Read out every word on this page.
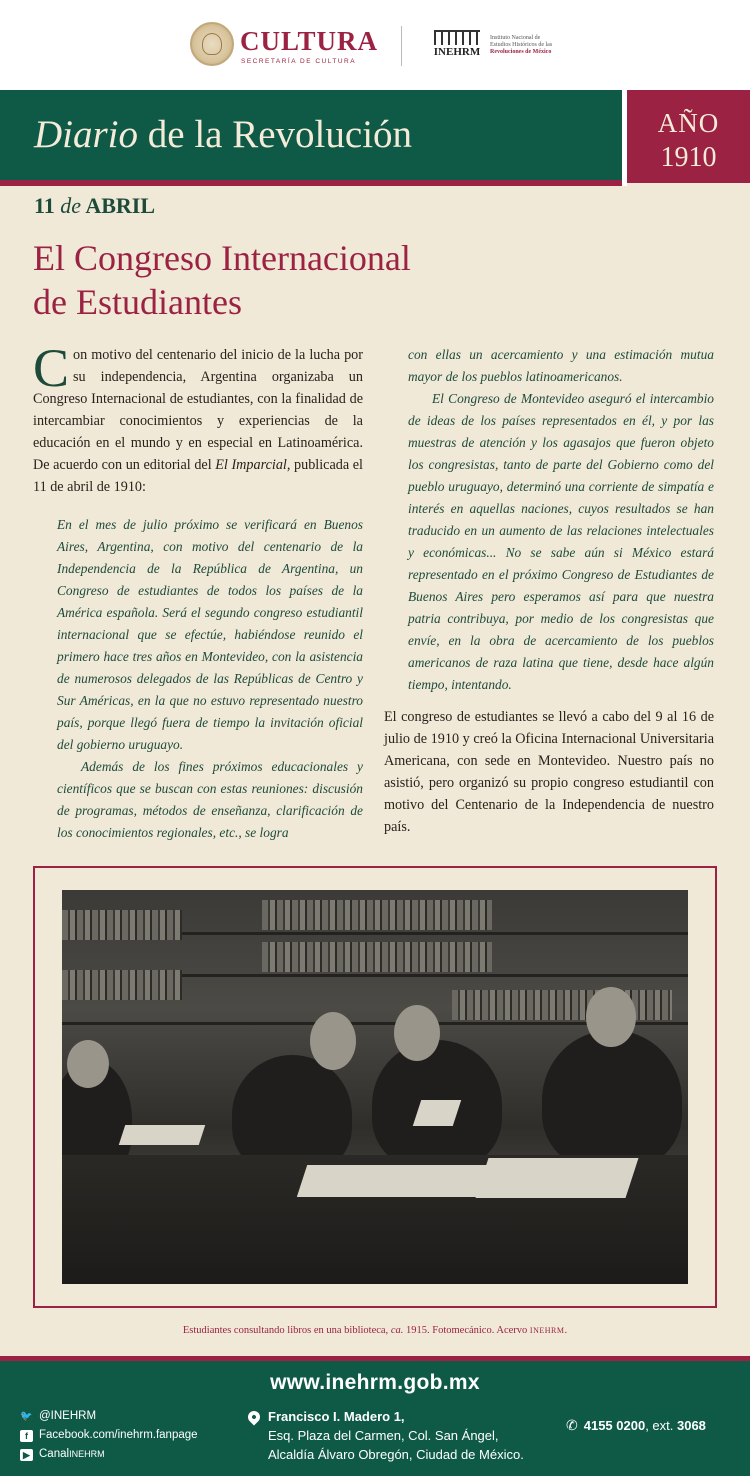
CULTURA
SECRETARÍA DE CULTURA
INEHRM
Instituto Nacional de
Estudios Históricos de las
Revoluciones de México
Diario de la Revolución	AÑO
1910
11 de ABRIL
El Congreso Internacional
de Estudiantes

Con motivo del centenario del inicio de la lucha por su independencia, Argentina organizaba un Congreso Internacional de estudiantes, con la finalidad de intercambiar conocimientos y experiencias de la educación en el mundo y en especial en Latinoamérica. De acuerdo con un editorial del El Imparcial, publicada el 11 de abril de 1910:

En el mes de julio próximo se verificará en Buenos Aires, Argentina, con motivo del centenario de la Independencia de la República de Argentina, un Congreso de estudiantes de todos los países de la América española. Será el segundo congreso estudiantil internacional que se efectúe, habiéndose reunido el primero hace tres años en Montevideo, con la asistencia de numerosos delegados de las Repúblicas de Centro y Sur Américas, en la que no estuvo representado nuestro país, porque llegó fuera de tiempo la invitación oficial del gobierno uruguayo.

Además de los fines próximos educacionales y científicos que se buscan con estas reuniones: discusión de programas, métodos de enseñanza, clarificación de los conocimientos regionales, etc., se logra

con ellas un acercamiento y una estimación mutua mayor de los pueblos latinoamericanos.

El Congreso de Montevideo aseguró el intercambio de ideas de los países representados en él, y por las muestras de atención y los agasajos que fueron objeto los congresistas, tanto de parte del Gobierno como del pueblo uruguayo, determinó una corriente de simpatía e interés en aquellas naciones, cuyos resultados se han traducido en un aumento de las relaciones intelectuales y económicas... No se sabe aún si México estará representado en el próximo Congreso de Estudiantes de Buenos Aires pero esperamos así para que nuestra patria contribuya, por medio de los congresistas que envíe, en la obra de acercamiento de los pueblos americanos de raza latina que tiene, desde hace algún tiempo, intentando.

El congreso de estudiantes se llevó a cabo del 9 al 16 de julio de 1910 y creó la Oficina Internacional Universitaria Americana, con sede en Montevideo. Nuestro país no asistió, pero organizó su propio congreso estudiantil con motivo del Centenario de la Independencia de nuestro país.

Estudiantes consultando libros en una biblioteca, ca. 1915. Fotomecánico. Acervo INEHRM.
www.inehrm.gob.mx
🐦 @INEHRM
f Facebook.com/inehrm.fanpage
▶ Canal INEHRM
Francisco I. Madero 1,
Esq. Plaza del Carmen, Col. San Ángel,
Alcaldía Álvaro Obregón, Ciudad de México.
✆ 4155 0200, ext. 3068
